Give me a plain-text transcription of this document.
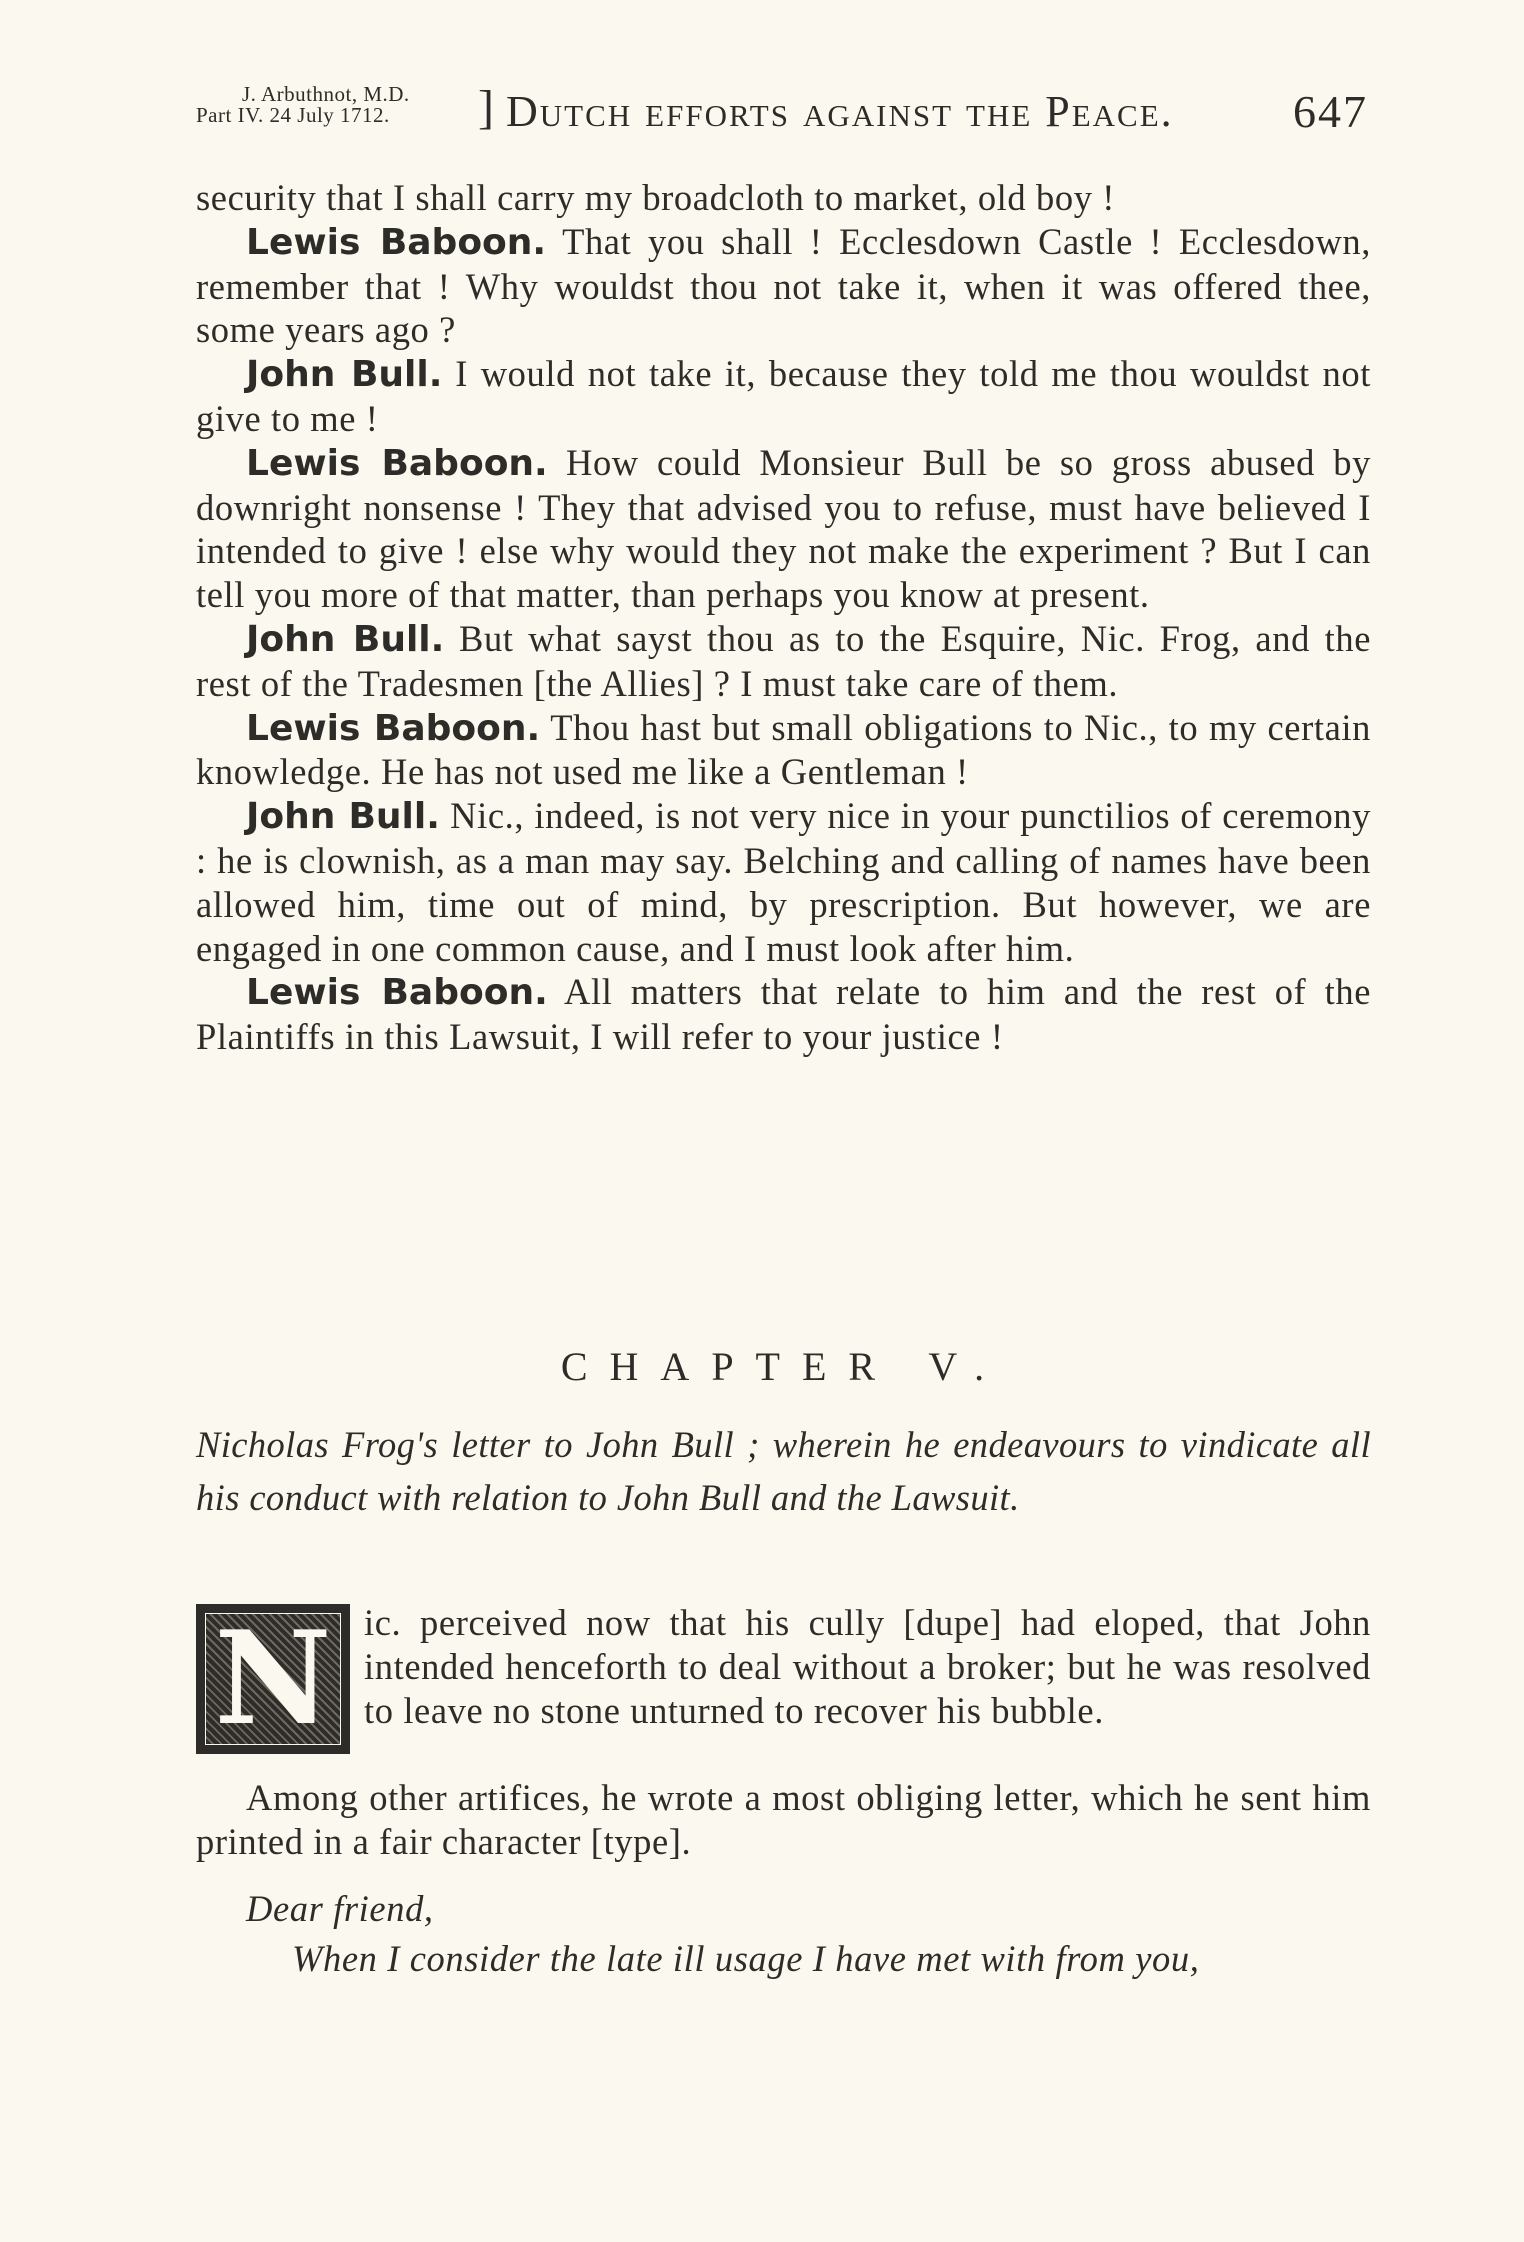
J. Arbuthnot, M.D.
Part IV. 24 July 1712. ] Dutch efforts against the Peace.	647

security that I shall carry my broadcloth to market, old boy !

Lewis Baboon. That you shall ! Ecclesdown Castle ! Ecclesdown, remember that ! Why wouldst thou not take it, when it was offered thee, some years ago ?

John Bull. I would not take it, because they told me thou wouldst not give to me !

Lewis Baboon. How could Monsieur Bull be so gross abused by downright nonsense ! They that advised you to refuse, must have believed I intended to give ! else why would they not make the experiment ? But I can tell you more of that matter, than perhaps you know at present.

John Bull. But what sayst thou as to the Esquire, Nic. Frog, and the rest of the Tradesmen [the Allies] ? I must take care of them.

Lewis Baboon. Thou hast but small obligations to Nic., to my certain knowledge. He has not used me like a Gentleman !

John Bull. Nic., indeed, is not very nice in your punctilios of ceremony : he is clownish, as a man may say. Belching and calling of names have been allowed him, time out of mind, by prescription. But however, we are engaged in one common cause, and I must look after him.

Lewis Baboon. All matters that relate to him and the rest of the Plaintiffs in this Lawsuit, I will refer to your justice !

CHAPTER V.
Nicholas Frog's letter to John Bull ; wherein he endeavours to vindicate all his conduct with relation to John Bull and the Lawsuit.
N ic. perceived now that his cully [dupe] had eloped, that John intended henceforth to deal without a broker; but he was resolved to leave no stone unturned to recover his bubble.
Among other artifices, he wrote a most obliging letter, which he sent him printed in a fair character [type].
Dear friend,
When I consider the late ill usage I have met with from you,
